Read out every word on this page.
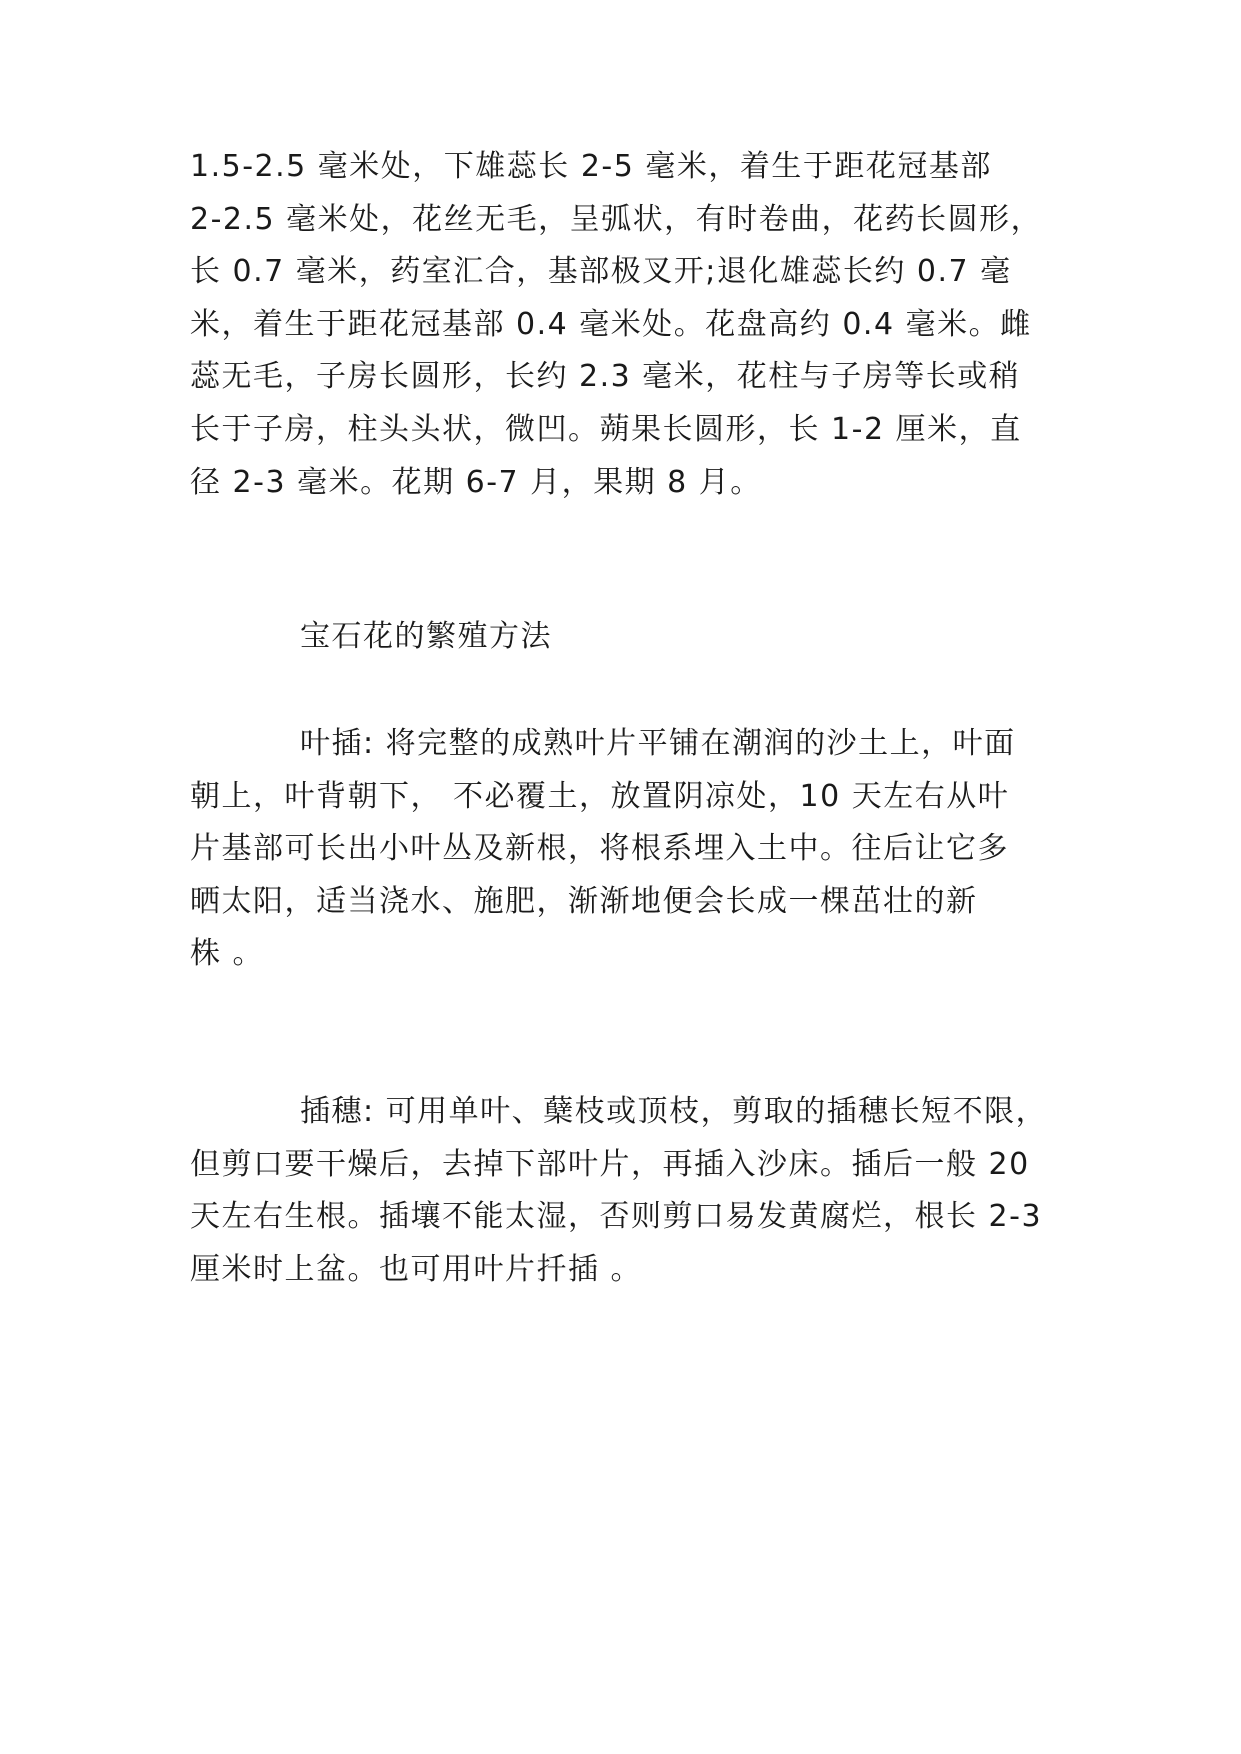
1.5-2.5 毫米处，下雄蕊长 2-5 毫米，着生于距花冠基部
2-2.5 毫米处，花丝无毛，呈弧状，有时卷曲，花药长圆形，
长 0.7 毫米，药室汇合，基部极叉开;退化雄蕊长约 0.7 毫
米，着生于距花冠基部 0.4 毫米处。花盘高约 0.4 毫米。雌
蕊无毛，子房长圆形，长约 2.3 毫米，花柱与子房等长或稍
长于子房，柱头头状，微凹。蒴果长圆形，长 1-2 厘米，直
径 2-3 毫米。花期 6-7 月，果期 8 月。
宝石花的繁殖方法
叶插: 将完整的成熟叶片平铺在潮润的沙土上，叶面
朝上，叶背朝下， 不必覆土，放置阴凉处，10 天左右从叶
片基部可长出小叶丛及新根，将根系埋入土中。往后让它多
晒太阳，适当浇水、施肥，渐渐地便会长成一棵茁壮的新
株 。
插穗: 可用单叶、蘖枝或顶枝，剪取的插穗长短不限，
但剪口要干燥后，去掉下部叶片，再插入沙床。插后一般 20
天左右生根。插壤不能太湿，否则剪口易发黄腐烂，根长 2-3
厘米时上盆。也可用叶片扦插 。
